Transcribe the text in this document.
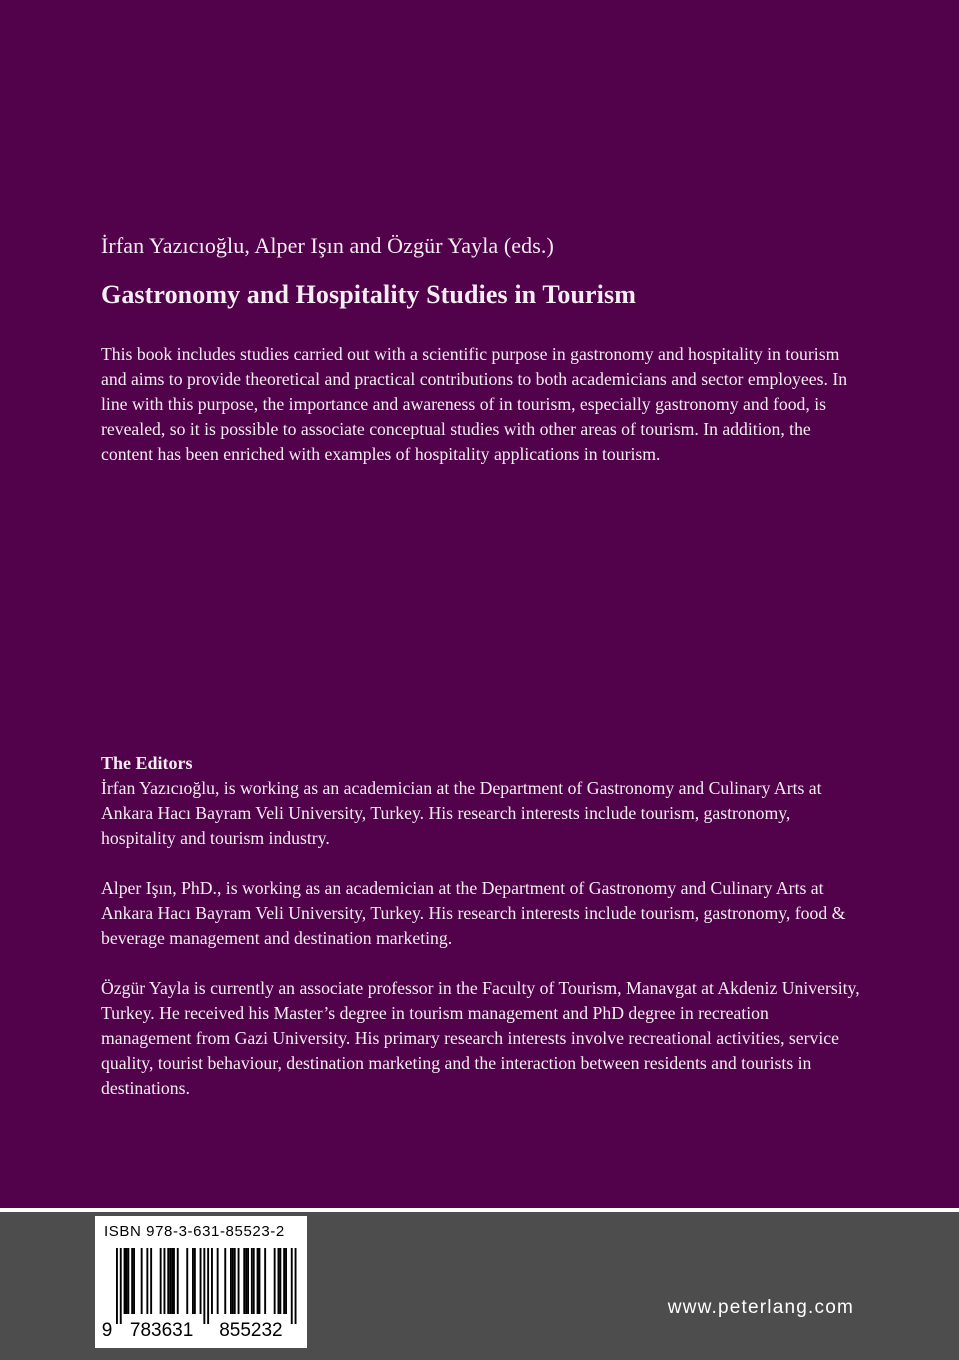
İrfan Yazıcıoğlu, Alper Işın and Özgür Yayla (eds.)
Gastronomy and Hospitality Studies in Tourism

This book includes studies carried out with a scientific purpose in gastronomy and hospitality in tourism and aims to provide theoretical and practical contributions to both academicians and sector employees. In line with this purpose, the importance and awareness of in tourism, especially gastronomy and food, is revealed, so it is possible to associate conceptual studies with other areas of tourism. In addition, the content has been enriched with examples of hospitality applications in tourism.

The Editors

İrfan Yazıcıoğlu, is working as an academician at the Department of Gastronomy and Culinary Arts at Ankara Hacı Bayram Veli University, Turkey. His research interests include tourism, gastronomy, hospitality and tourism industry.

Alper Işın, PhD., is working as an academician at the Department of Gastronomy and Culinary Arts at Ankara Hacı Bayram Veli University, Turkey. His research interests include tourism, gastronomy, food & beverage management and destination marketing.

Özgür Yayla is currently an associate professor in the Faculty of Tourism, Manavgat at Akdeniz University, Turkey. He received his Master’s degree in tourism management and PhD degree in recreation management from Gazi University. His primary research interests involve recreational activities, service quality, tourist behaviour, destination marketing and the interaction between residents and tourists in destinations.

ISBN 978-3-631-85523-2
9 783631 855232
www.peterlang.com
